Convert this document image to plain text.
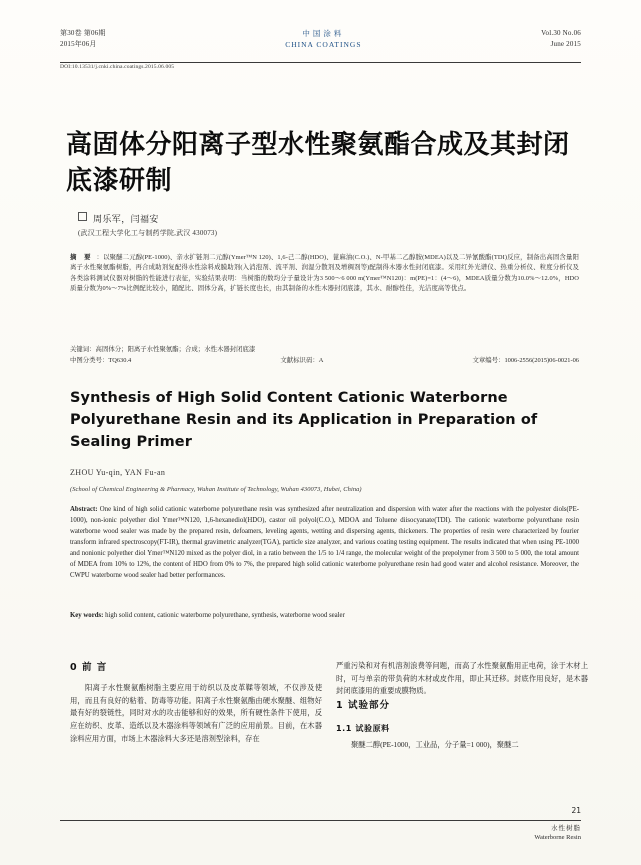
第30卷 第06期
2015年06月
中国涂料
CHINA COATINGS
Vol.30 No.06
June 2015
DOI:10.13531/j.cnki.china.coatings.2015.06.005
高固体分阳离子型水性聚氨酯合成及其封闭底漆研制
周乐军，闫福安
(武汉工程大学化工与制药学院,武汉 430073)
摘 要 ：以聚醚二元醇(PE-1000)、亲水扩链剂二元醇(Ymer™N 120)、1,6-己二醇(HDO)、蓖麻油(C.O.)、N-甲基二乙醇胺(MDEA)以及二异氰酸酯(TDI)反应，制备出高固含量阳离子水性聚氨酯树脂，再合成助剂复配得水性涂料成膜助剂(入消泡剂、流平剂、润湿分散剂及增稠剂等)配制得木器水性封闭底漆。采用红外光谱仪、热重分析仪、粒度分析仪及各类涂料测试仪器对树脂的性能进行表征，实验结果表明：当树脂的数均分子量设计为3 500～6 000 m(Ymer™N120)：m(PE)=1：(4～6)，MDEA质量分数为10.0%～12.0%，HDO质量分数为0%～7%比例配比较小，随配比、固体分高，扩链长度也长，由其制备的水性木器封闭底漆，其水、耐醇性佳，光洁度高等优点。
关键词：高固体分；阳离子水性聚氨酯；合成；水性木器封闭底漆
中图分类号：TQ630.4	文献标识码：A	文章编号：1006-2556(2015)06-0021-06
Synthesis of High Solid Content Cationic Waterborne Polyurethane Resin and its Application in Preparation of Sealing Primer
ZHOU Yu-qin, YAN Fu-an
(School of Chemical Engineering & Pharmacy, Wuhan Institute of Technology, Wuhan 430073, Hubei, China)
Abstract: One kind of high solid cationic waterborne polyurethane resin was synthesized after neutralization and dispersion with water after the reactions with the polyester diols(PE-1000), non-ionic polyether diol Ymer™N120, 1,6-hexanediol(HDO), castor oil polyol(C.O.), MDOA and Toluene diisocyanate(TDI). The cationic waterborne polyurethane resin waterborne wood sealer was made by the prepared resin, defoamers, leveling agents, wetting and dispersing agents, thickeners. The properties of resin were characterized by fourier transform infrared spectroscopy(FT-IR), thermal gravimetric analyzer(TGA), particle size analyzer, and various coating testing equipment. The results indicated that when using PE-1000 and nonionic polyether diol Ymer™N120 mixed as the polyer diol, in a ratio between the 1/5 to 1/4 range, the molecular weight of the prepolymer from 3 500 to 5 000, the total amount of MDEA from 10% to 12%, the content of HDO from 0% to 7%, the prepared high solid cationic waterborne polyurethane resin had good water and alcohol resistance. Moreover, the CWPU waterborne wood sealer had better performances.
Key words: high solid content, cationic waterborne polyurethane, synthesis, waterborne wood sealer
0 前 言

阳离子水性聚氨酯树脂主要应用于纺织以及皮革鞣等领域，不仅涉及使用，而且有良好的粘着、防毒等功能。阳离子水性聚氨酯由硬水聚醚、组物好最有好的裂链性，同时对水的攻击能够和好的效果，所有硬性条件下使用，反应在纺织、皮革、造纸以及木器涂料等领域有广泛的应用前景。目前，在木器涂料应用方面，市场上木器涂料大多还是溶剂型涂料，存在

严重污染和对有机溶剂浪费等问题，而高了水性聚氨酯用正电荷，涂于木材上时，可与单亲的带负荷的木材或皮作用，即止其迁移。封底作用良好，是木器封闭底漆用的重要成膜物质。

1 试验部分
1.1 试验原料

聚醚二醇(PE-1000，工业品，分子量=1 000)，聚醚二

21
水性树脂
Waterborne Resin
